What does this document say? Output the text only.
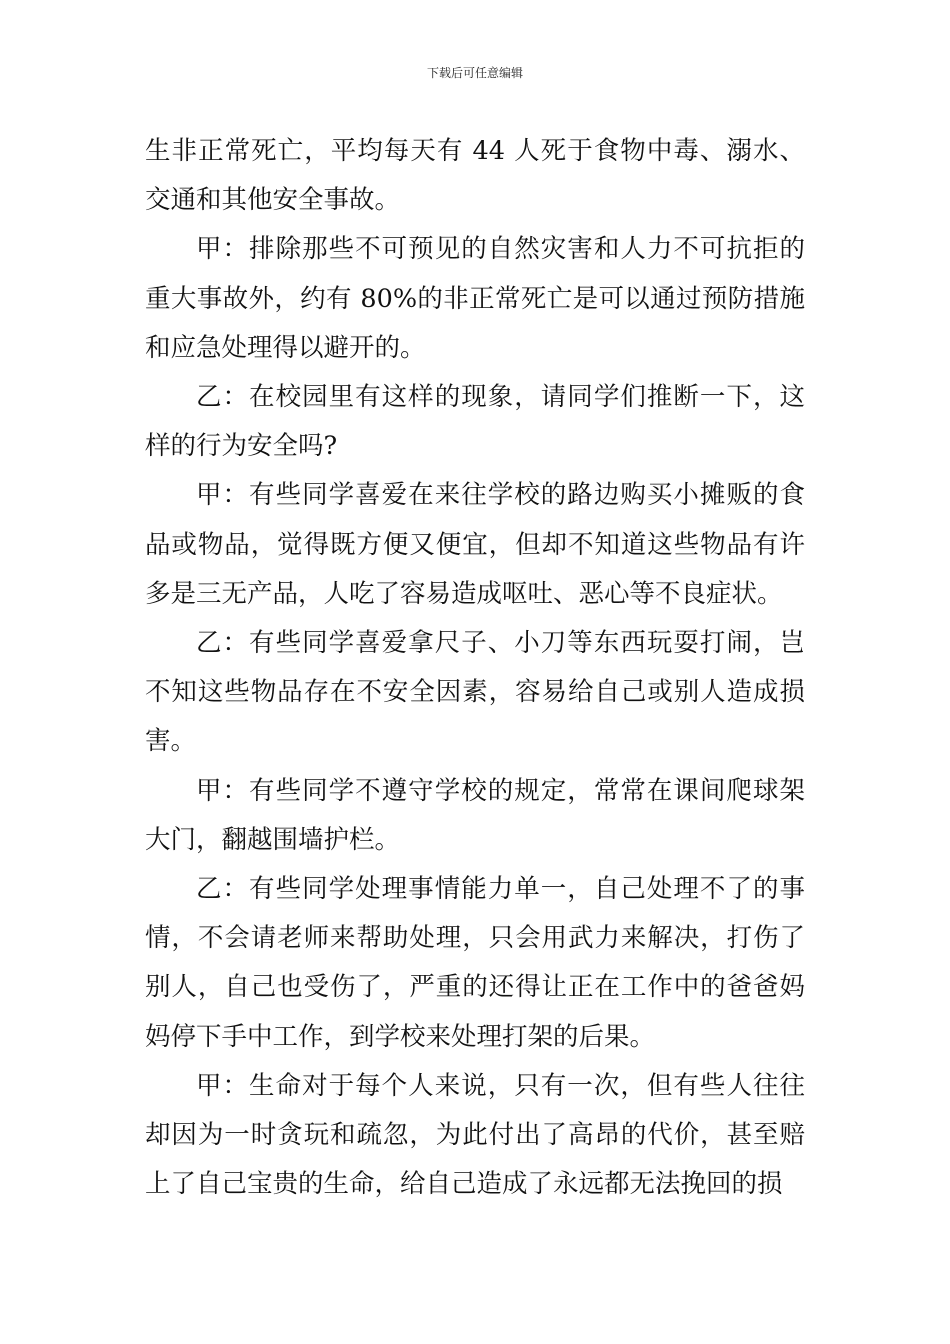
下载后可任意编辑

生非正常死亡，平均每天有 44 人死于食物中毒、溺水、交通和其他安全事故。

甲：排除那些不可预见的自然灾害和人力不可抗拒的重大事故外，约有 80%的非正常死亡是可以通过预防措施和应急处理得以避开的。

乙：在校园里有这样的现象，请同学们推断一下，这样的行为安全吗?

甲：有些同学喜爱在来往学校的路边购买小摊贩的食品或物品，觉得既方便又便宜，但却不知道这些物品有许多是三无产品，人吃了容易造成呕吐、恶心等不良症状。

乙：有些同学喜爱拿尺子、小刀等东西玩耍打闹，岂不知这些物品存在不安全因素，容易给自己或别人造成损害。

甲：有些同学不遵守学校的规定，常常在课间爬球架大门，翻越围墙护栏。

乙：有些同学处理事情能力单一，自己处理不了的事情，不会请老师来帮助处理，只会用武力来解决，打伤了别人，自己也受伤了，严重的还得让正在工作中的爸爸妈妈停下手中工作，到学校来处理打架的后果。

甲：生命对于每个人来说，只有一次，但有些人往往却因为一时贪玩和疏忽，为此付出了高昂的代价，甚至赔上了自己宝贵的生命，给自己造成了永远都无法挽回的损
